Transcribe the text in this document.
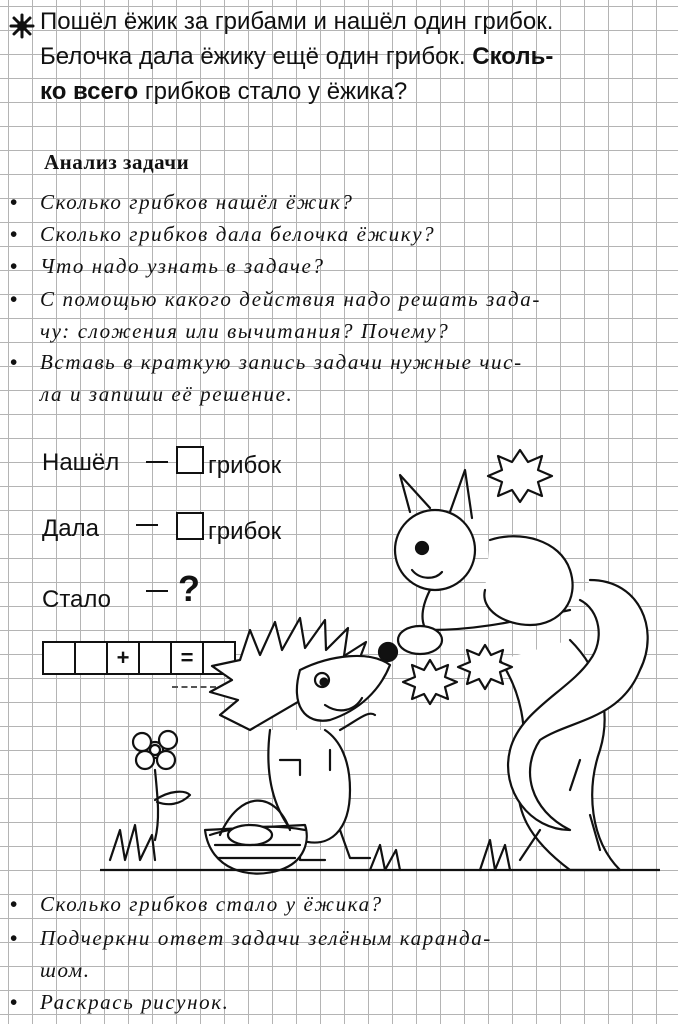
Пошёл ёжик за грибами и нашёл один грибок.
Белочка дала ёжику ещё один грибок. Сколь-
ко всего грибков стало у ёжика?
Анализ задачи
• Сколько грибков нашёл ёжик?
• Сколько грибков дала белочка ёжику?
• Что надо узнать в задаче?
• С помощью какого действия надо решать зада-
чу: сложения или вычитания? Почему?
• Вставь в краткую запись задачи нужные чис-
ла и запиши её решение.
Нашёл	грибок
Дала	грибок
Стало ?
+	=
• Сколько грибков стало у ёжика?
• Подчеркни ответ задачи зелёным каранда-
шом.
• Раскрась рисунок.
